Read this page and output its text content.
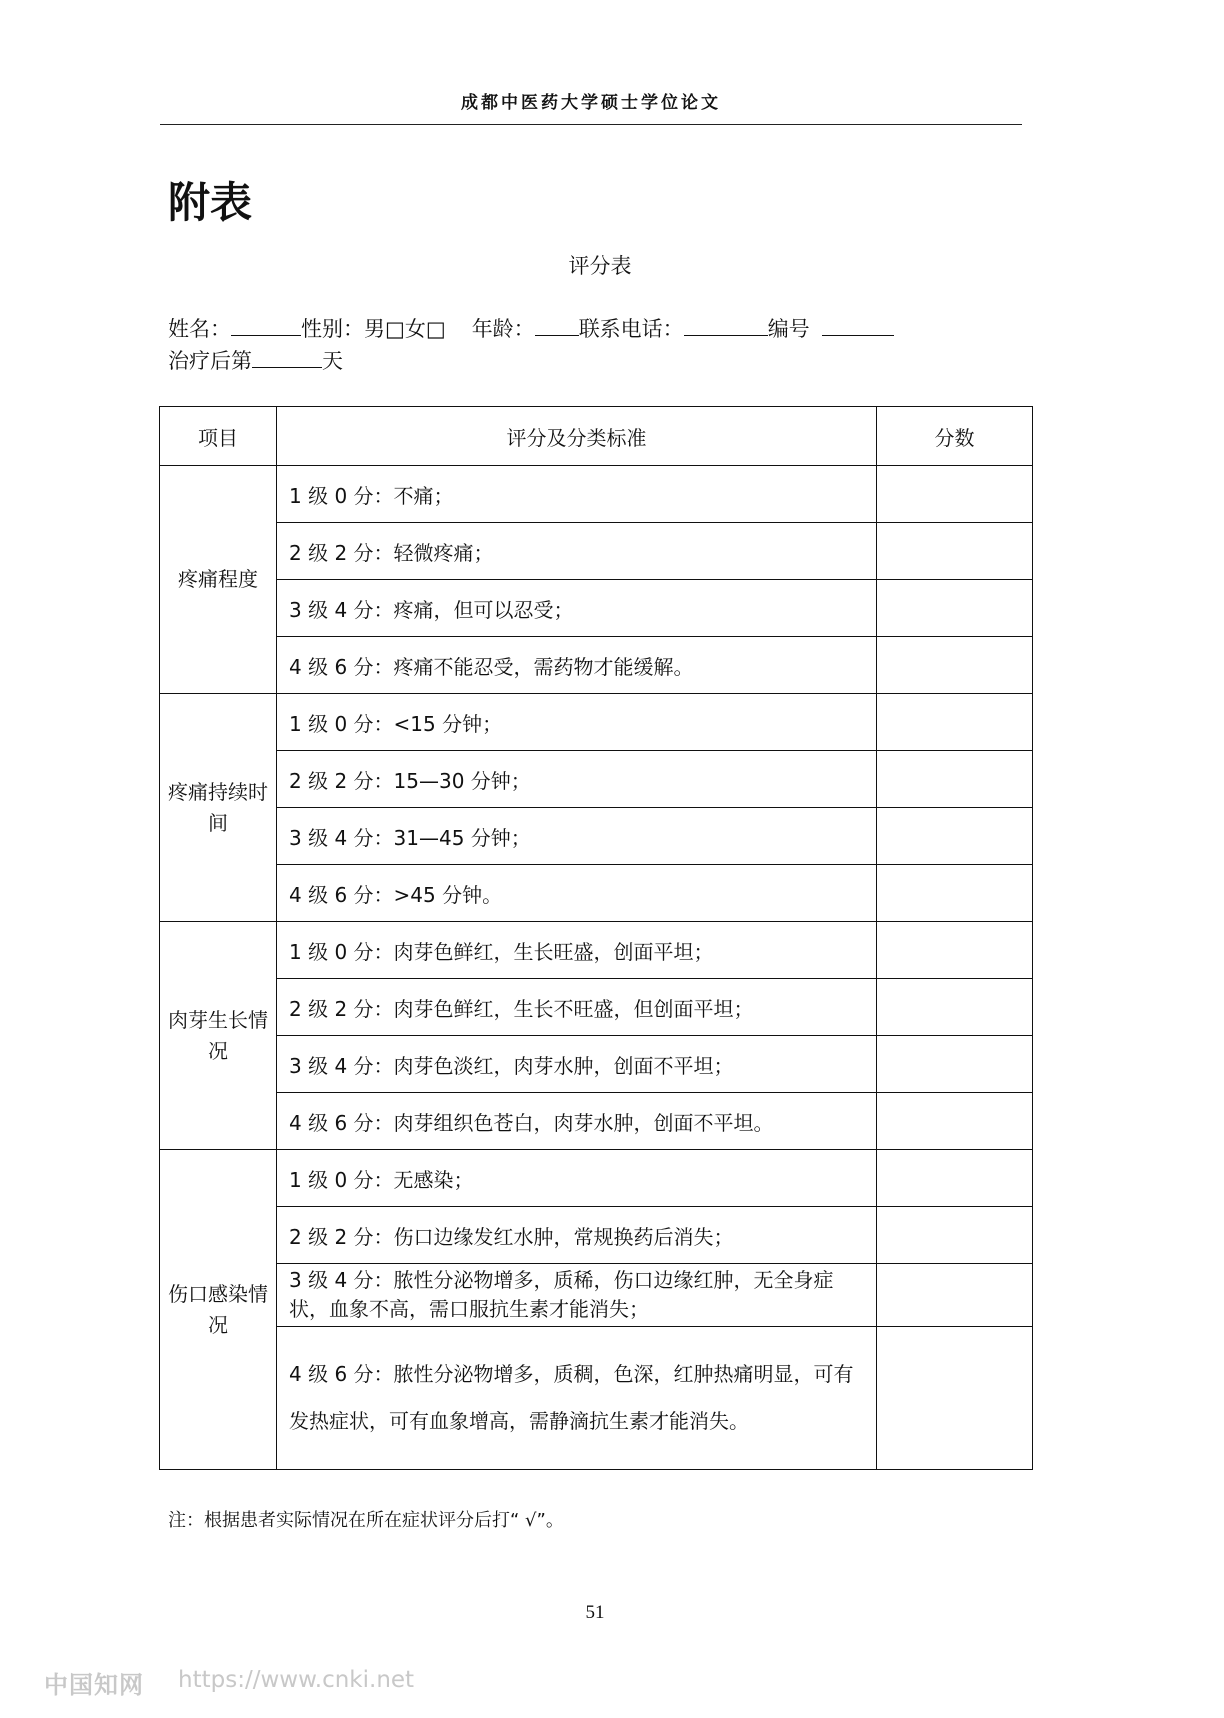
成都中医药大学硕士学位论文
附表
评分表
姓名：	性别：男□女□ 年龄： 联系电话：	编号
治疗后第	天
项目	评分及分类标准	分数
疼痛程度	1 级 0 分：不痛；	
	2 级 2 分：轻微疼痛；	
	3 级 4 分：疼痛，但可以忍受；	
	4 级 6 分：疼痛不能忍受，需药物才能缓解。	
疼痛持续时间	1 级 0 分：<15 分钟；	
	2 级 2 分：15—30 分钟；	
	3 级 4 分：31—45 分钟；	
	4 级 6 分：>45 分钟。	
肉芽生长情况	1 级 0 分：肉芽色鲜红，生长旺盛，创面平坦；	
	2 级 2 分：肉芽色鲜红，生长不旺盛，但创面平坦；	
	3 级 4 分：肉芽色淡红，肉芽水肿，创面不平坦；	
	4 级 6 分：肉芽组织色苍白，肉芽水肿，创面不平坦。	
伤口感染情况	1 级 0 分：无感染；	
	2 级 2 分：伤口边缘发红水肿，常规换药后消失；	
	3 级 4 分：脓性分泌物增多，质稀，伤口边缘红肿，无全身症状，血象不高，需口服抗生素才能消失；	
	4 级 6 分：脓性分泌物增多，质稠，色深，红肿热痛明显，可有发热症状，可有血象增高，需静滴抗生素才能消失。	
注：根据患者实际情况在所在症状评分后打“ √”。
51
中国知网 https://www.cnki.net
